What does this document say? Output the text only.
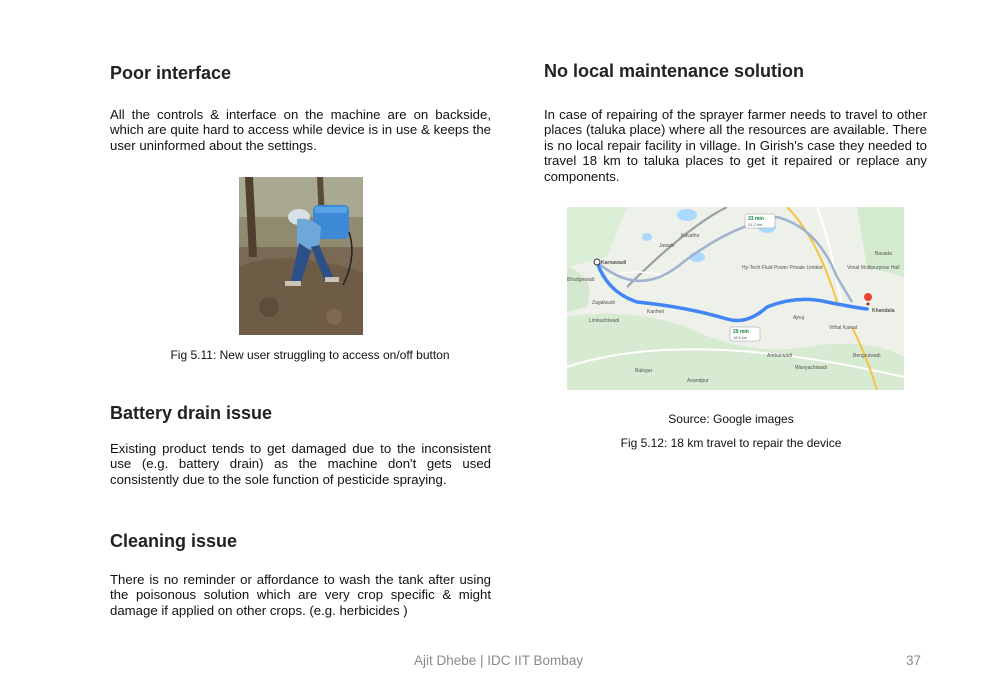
Poor interface

All the controls & interface on the machine are on backside, which are quite hard to access while device is in use & keeps the user uninformed about the settings.

Fig 5.11: New user struggling to access on/off button
Battery drain issue

Existing product tends to get damaged due to the inconsistent use (e.g. battery drain) as the machine don't gets used consistently due to the sole function of pesticide spraying.

Cleaning issue

There is no reminder or affordance to wash the tank after using the poisonous solution which are very crop specific & might damage if applied on other crops. (e.g. herbicides )

No local maintenance solution

In case of repairing of the sprayer farmer needs to travel to other places (taluka place) where all the resources are available. There is no local repair facility in village. In Girish's case they needed to travel 18 km to taluka places to get it repaired or replace any components.

33 min
31.2 km
29 min
18.5 km
Karnawadi
Khandala
Kanheri
Zagalwadi
Limbachiwadi
Ambarwadi
Balegar
Anandpur
Bavada
Ajnuj
Jawale
Kavathe
Bhadgewadi
Wanyachiwadi
Vithal Kamat
Bengrulwadi
Hy-Tech Fluid Power Private Limited	Vimal Multipurpose Hall
Source: Google images
Fig 5.12: 18 km travel to repair the device
Ajit Dhebe | IDC IIT Bombay	37
